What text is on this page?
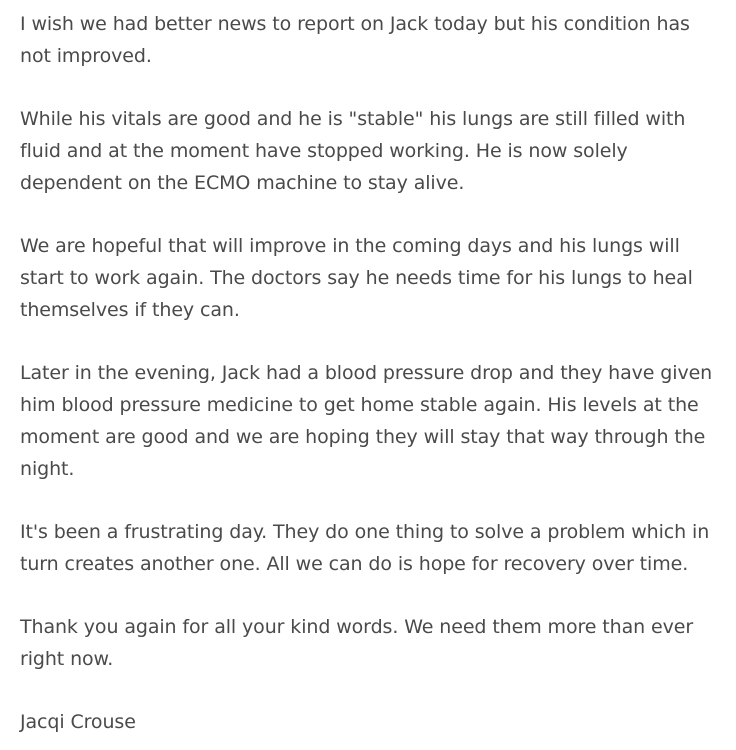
I wish we had better news to report on Jack today but his condition has not improved.

While his vitals are good and he is "stable" his lungs are still filled with fluid and at the moment have stopped working. He is now solely dependent on the ECMO machine to stay alive.

We are hopeful that will improve in the coming days and his lungs will start to work again. The doctors say he needs time for his lungs to heal themselves if they can.

Later in the evening, Jack had a blood pressure drop and they have given him blood pressure medicine to get home stable again. His levels at the moment are good and we are hoping they will stay that way through the night.

It's been a frustrating day. They do one thing to solve a problem which in turn creates another one. All we can do is hope for recovery over time.

Thank you again for all your kind words. We need them more than ever right now.

Jacqi Crouse
